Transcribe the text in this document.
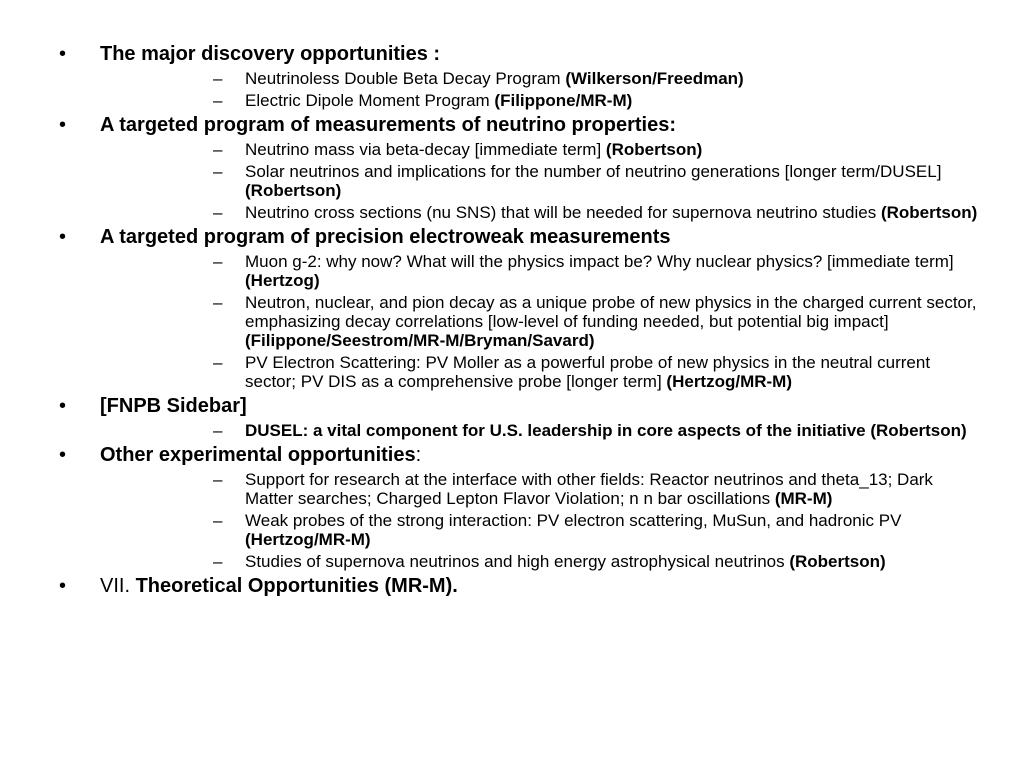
• The major discovery opportunities :
– Neutrinoless Double Beta Decay Program (Wilkerson/Freedman)
– Electric Dipole Moment Program (Filippone/MR-M)
• A targeted program of measurements of neutrino properties:
– Neutrino mass via beta-decay [immediate term] (Robertson)
– Solar neutrinos and implications for the number of neutrino generations [longer term/DUSEL] (Robertson)
– Neutrino cross sections (nu SNS) that will be needed for supernova neutrino studies (Robertson)
• A targeted program of precision electroweak measurements
– Muon g-2: why now? What will the physics impact be? Why nuclear physics? [immediate term] (Hertzog)
– Neutron, nuclear, and pion decay as a unique probe of new physics in the charged current sector, emphasizing decay correlations [low-level of funding needed, but potential big impact] (Filippone/Seestrom/MR-M/Bryman/Savard)
– PV Electron Scattering: PV Moller as a powerful probe of new physics in the neutral current sector; PV DIS as a comprehensive probe [longer term] (Hertzog/MR-M)
• [FNPB Sidebar]
– DUSEL: a vital component for U.S. leadership in core aspects of the initiative (Robertson)
• Other experimental opportunities:
– Support for research at the interface with other fields: Reactor neutrinos and theta_13; Dark Matter searches; Charged Lepton Flavor Violation; n n bar oscillations (MR-M)
– Weak probes of the strong interaction: PV electron scattering, MuSun, and hadronic PV (Hertzog/MR-M)
– Studies of supernova neutrinos and high energy astrophysical neutrinos (Robertson)
• VII. Theoretical Opportunities (MR-M).
